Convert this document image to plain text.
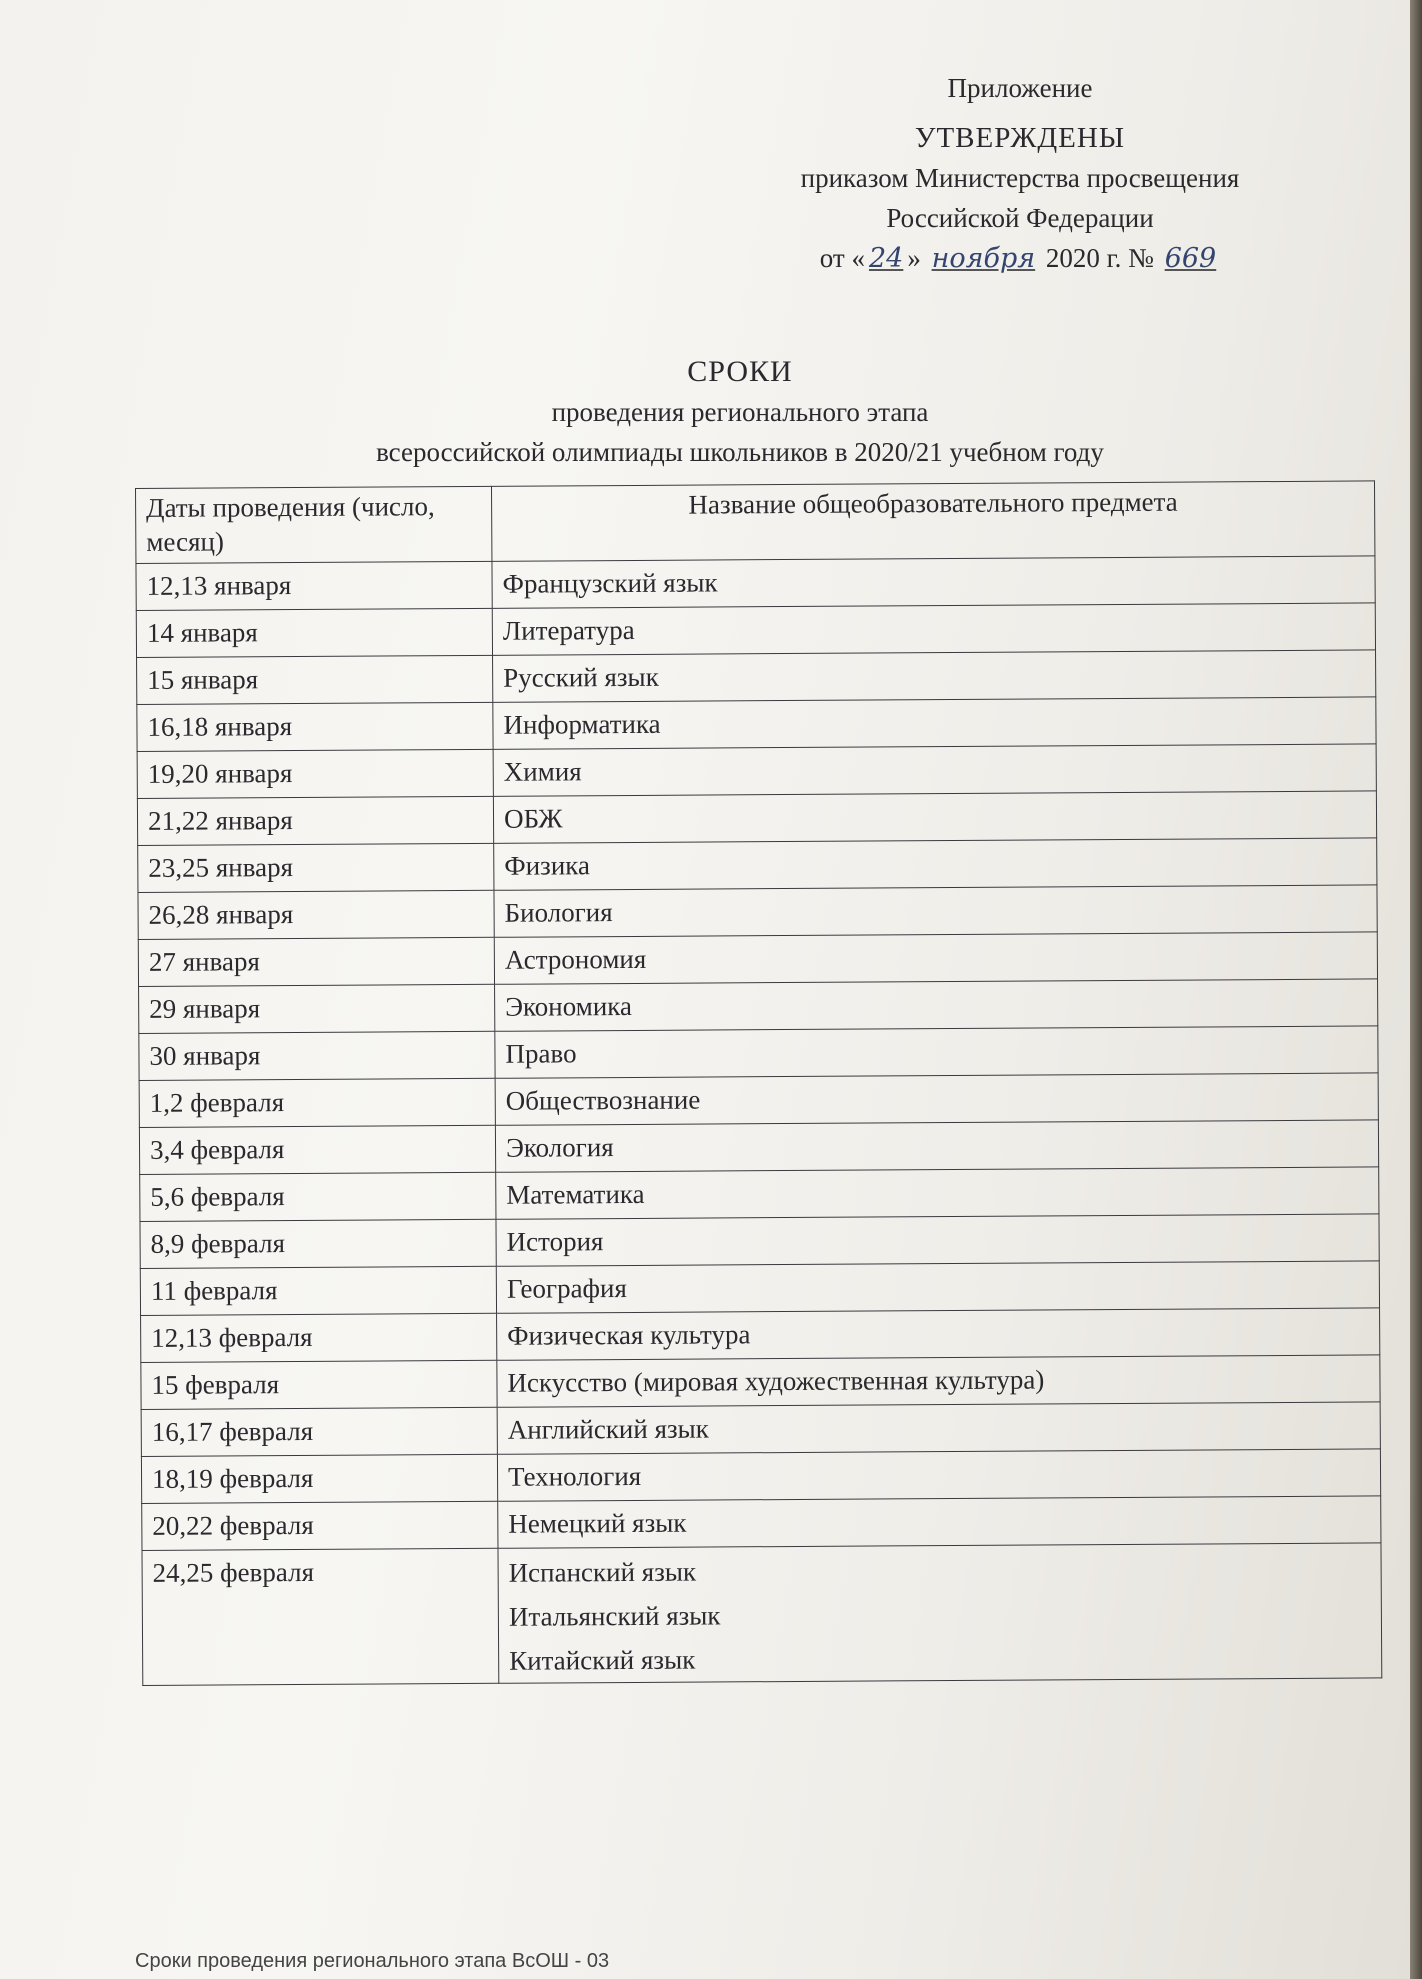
Приложение
УТВЕРЖДЕНЫ
приказом Министерства просвещения
Российской Федерации
от « 24 » ноября 2020 г. № 669
СРОКИ
проведения регионального этапа
всероссийской олимпиады школьников в 2020/21 учебном году
Даты проведения (число, месяц)	Название общеобразовательного предмета
12,13 января	Французский язык
14 января	Литература
15 января	Русский язык
16,18 января	Информатика
19,20 января	Химия
21,22 января	ОБЖ
23,25 января	Физика
26,28 января	Биология
27 января	Астрономия
29 января	Экономика
30 января	Право
1,2 февраля	Обществознание
3,4 февраля	Экология
5,6 февраля	Математика
8,9 февраля	История
11 февраля	География
12,13 февраля	Физическая культура
15 февраля	Искусство (мировая художественная культура)
16,17 февраля	Английский язык
18,19 февраля	Технология
20,22 февраля	Немецкий язык
24,25 февраля	Испанский язык
Итальянский язык
Китайский язык
Сроки проведения регионального этапа ВсОШ - 03
